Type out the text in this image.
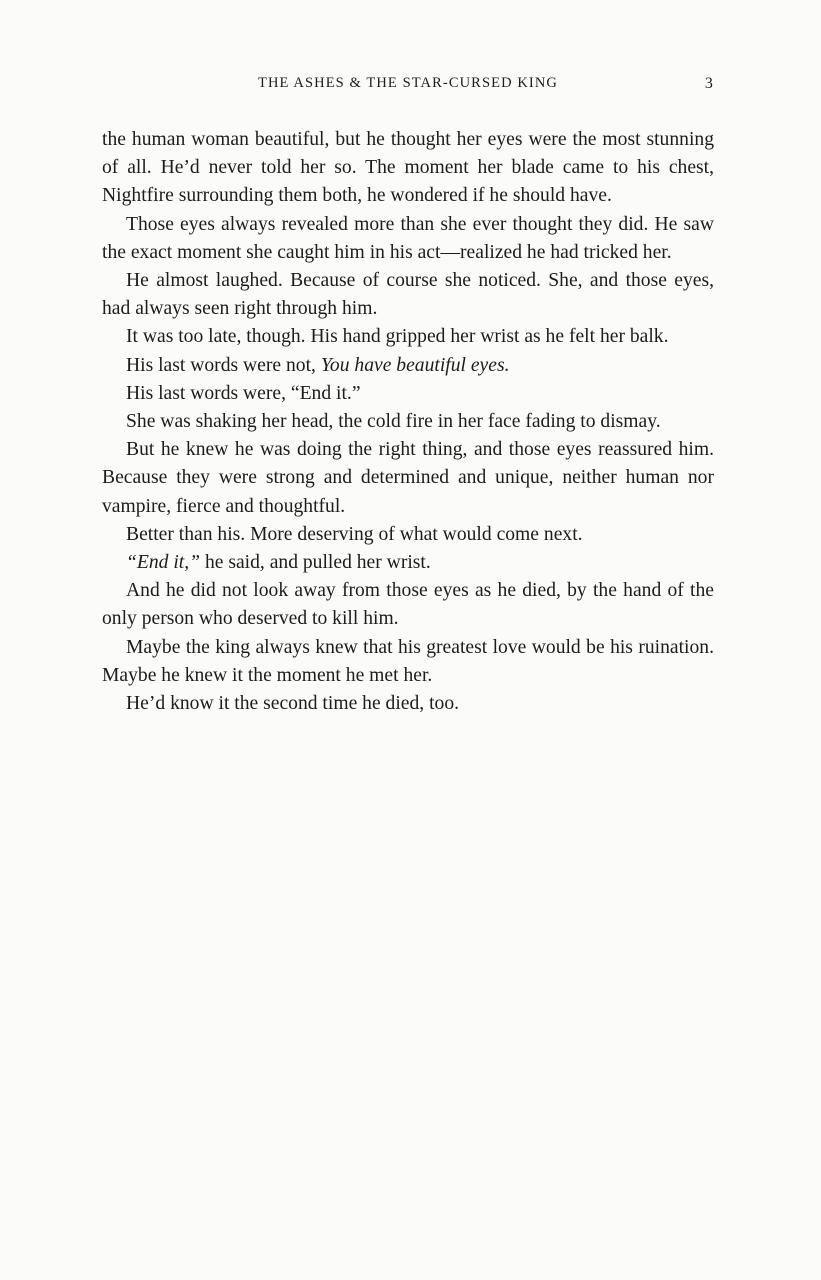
THE ASHES & THE STAR-CURSED KING	3

the human woman beautiful, but he thought her eyes were the most stunning of all. He’d never told her so. The moment her blade came to his chest, Nightfire surrounding them both, he wondered if he should have.

Those eyes always revealed more than she ever thought they did. He saw the exact moment she caught him in his act—realized he had tricked her.

He almost laughed. Because of course she noticed. She, and those eyes, had always seen right through him.

It was too late, though. His hand gripped her wrist as he felt her balk.

His last words were not, You have beautiful eyes.

His last words were, “End it.”

She was shaking her head, the cold fire in her face fading to dismay.

But he knew he was doing the right thing, and those eyes reassured him. Because they were strong and determined and unique, neither human nor vampire, fierce and thoughtful.

Better than his. More deserving of what would come next.

“End it,” he said, and pulled her wrist.

And he did not look away from those eyes as he died, by the hand of the only person who deserved to kill him.

Maybe the king always knew that his greatest love would be his ruination. Maybe he knew it the moment he met her.

He’d know it the second time he died, too.
